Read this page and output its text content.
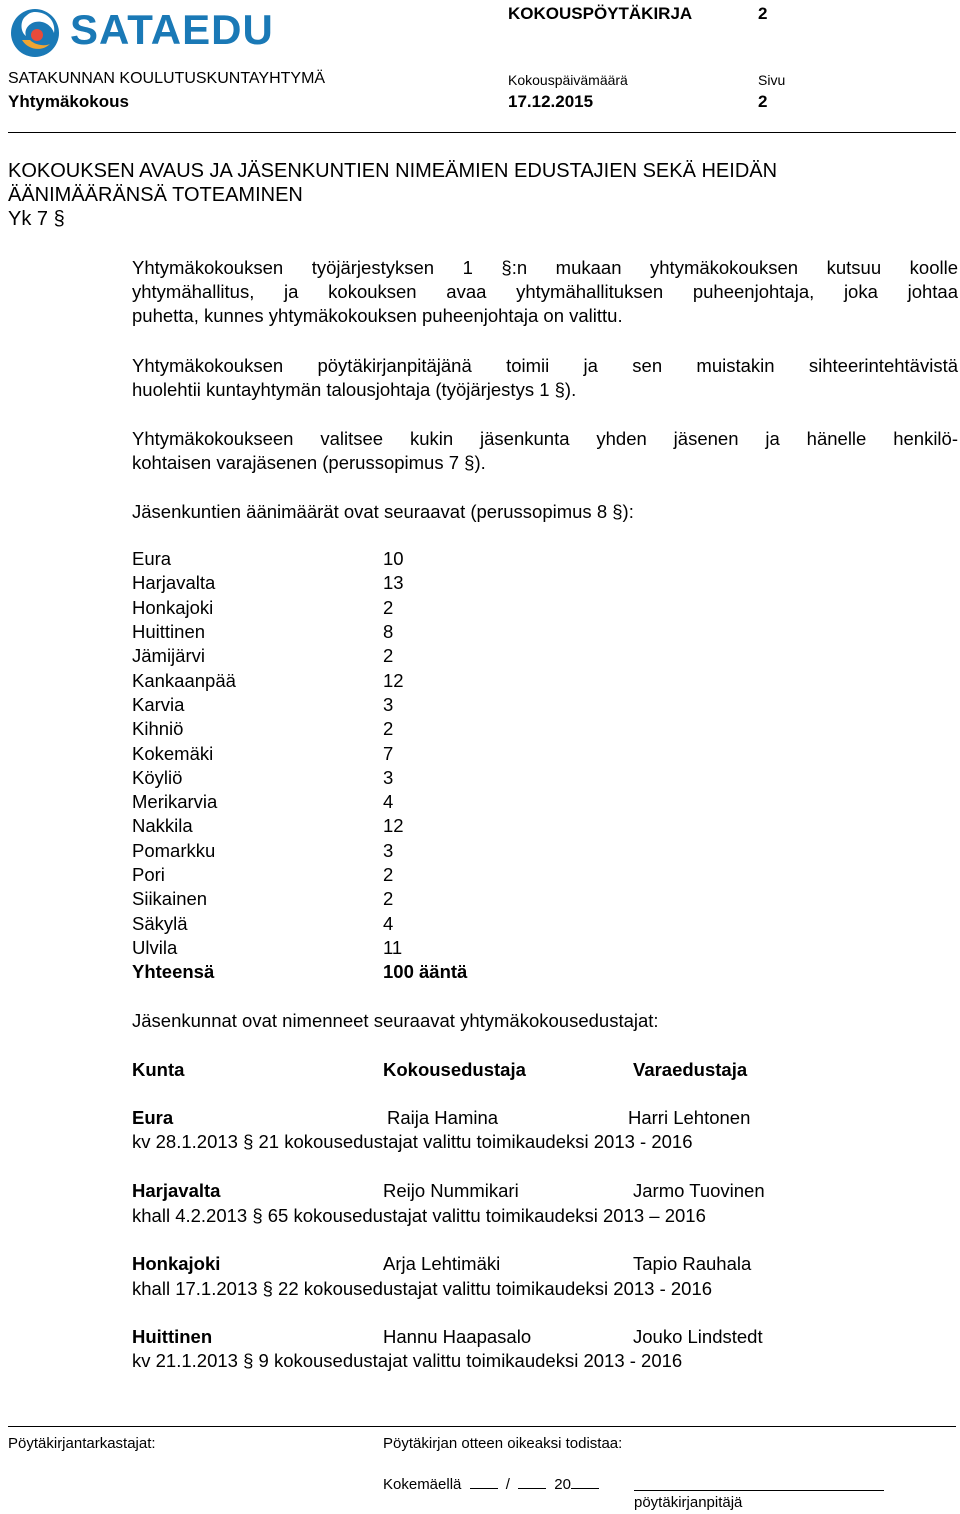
SATAEDU	KOKOUSPÖYTÄKIRJA	2
SATAKUNNAN KOULUTUSKUNTAYHTYMÄ	Kokouspäivämäärä	Sivu
Yhtymäkokous	17.12.2015	2
KOKOUKSEN AVAUS JA JÄSENKUNTIEN NIMEÄMIEN EDUSTAJIEN SEKÄ HEIDÄN
ÄÄNIMÄÄRÄNSÄ TOTEAMINEN
Yk 7 §
Yhtymäkokouksen työjärjestyksen 1 §:n mukaan yhtymäkokouksen kutsuu koolle
yhtymähallitus, ja kokouksen avaa yhtymähallituksen puheenjohtaja, joka johtaa
puhetta, kunnes yhtymäkokouksen puheenjohtaja on valittu.
Yhtymäkokouksen pöytäkirjanpitäjänä toimii ja sen muistakin sihteerintehtävistä
huolehtii kuntayhtymän talousjohtaja (työjärjestys 1 §).
Yhtymäkokoukseen valitsee kukin jäsenkunta yhden jäsenen ja hänelle henkilö-
kohtaisen varajäsenen (perussopimus 7 §).
Jäsenkuntien äänimäärät ovat seuraavat (perussopimus 8 §):
Eura	10
Harjavalta	13
Honkajoki	2
Huittinen	8
Jämijärvi	2
Kankaanpää	12
Karvia	3
Kihniö	2
Kokemäki	7
Köyliö	3
Merikarvia	4
Nakkila	12
Pomarkku	3
Pori	2
Siikainen	2
Säkylä	4
Ulvila	11
Yhteensä	100 ääntä
Jäsenkunnat ovat nimenneet seuraavat yhtymäkokousedustajat:
Kunta	Kokousedustaja	Varaedustaja
Eura	Raija Hamina	Harri Lehtonen
kv 28.1.2013 § 21 kokousedustajat valittu toimikaudeksi 2013 - 2016
Harjavalta	Reijo Nummikari	Jarmo Tuovinen
khall 4.2.2013 § 65 kokousedustajat valittu toimikaudeksi 2013 – 2016
Honkajoki	Arja Lehtimäki	Tapio Rauhala
khall 17.1.2013 § 22 kokousedustajat valittu toimikaudeksi 2013 - 2016
Huittinen	Hannu Haapasalo	Jouko Lindstedt
kv 21.1.2013 § 9 kokousedustajat valittu toimikaudeksi 2013 - 2016
Pöytäkirjantarkastajat:	Pöytäkirjan otteen oikeaksi todistaa:
Kokemäellä	/	20
pöytäkirjanpitäjä
